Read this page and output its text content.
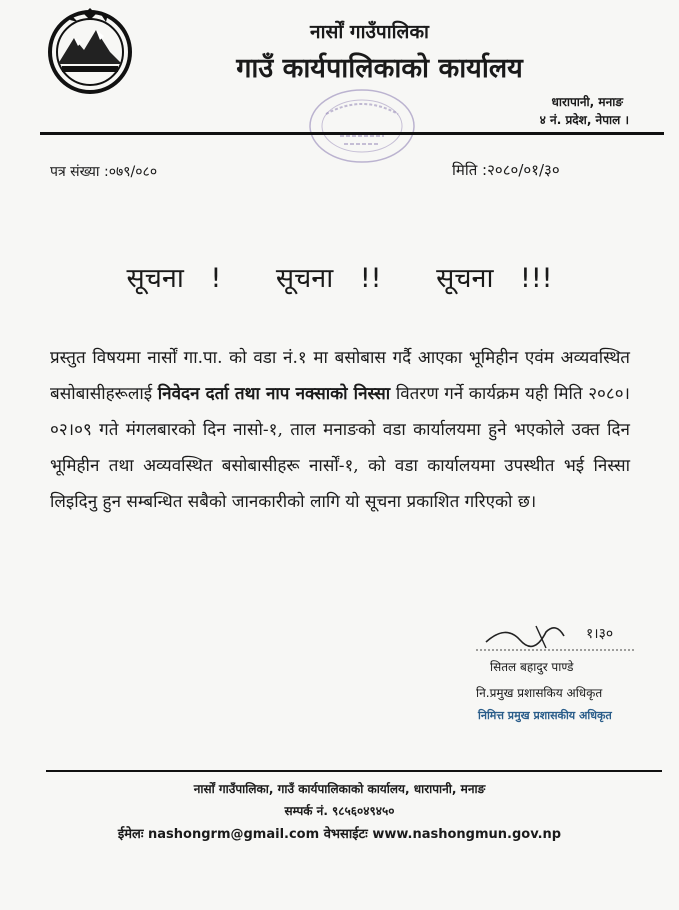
नार्सों गाउँपालिका
गाउँ कार्यपालिकाको कार्यालय
धारापानी, मनाङ
४ नं. प्रदेश, नेपाल ।
पत्र संख्या :०७९/०८०	मिति :२०८०/०१/३०
सूचना ! सूचना !! सूचना !!!
प्रस्तुत विषयमा नार्सों गा.पा. को वडा नं.१ मा बसोबास गर्दै आएका भूमिहीन एवंम अव्यवस्थित बसोबासीहरूलाई निवेदन दर्ता तथा नाप नक्साको निस्सा वितरण गर्ने कार्यक्रम यही मिति २०८०।०२।०९ गते मंगलबारको दिन नासो-१, ताल मनाङको वडा कार्यालयमा हुने भएकोले उक्त दिन भूमिहीन तथा अव्यवस्थित बसोबासीहरू नार्सों-१, को वडा कार्यालयमा उपस्थीत भई निस्सा लिइदिनु हुन सम्बन्धित सबैको जानकारीको लागि यो सूचना प्रकाशित गरिएको छ।
१।३०
सितल बहादुर पाण्डे
नि.प्रमुख प्रशासकिय अधिकृत
निमित्त प्रमुख प्रशासकीय अधिकृत
नार्सों गाउँपालिका, गाउँ कार्यपालिकाको कार्यालय, धारापानी, मनाङ
सम्पर्क नं. ९८५६०४९४५०
ईमेलः nashongrm@gmail.com वेभसाईटः www.nashongmun.gov.np
